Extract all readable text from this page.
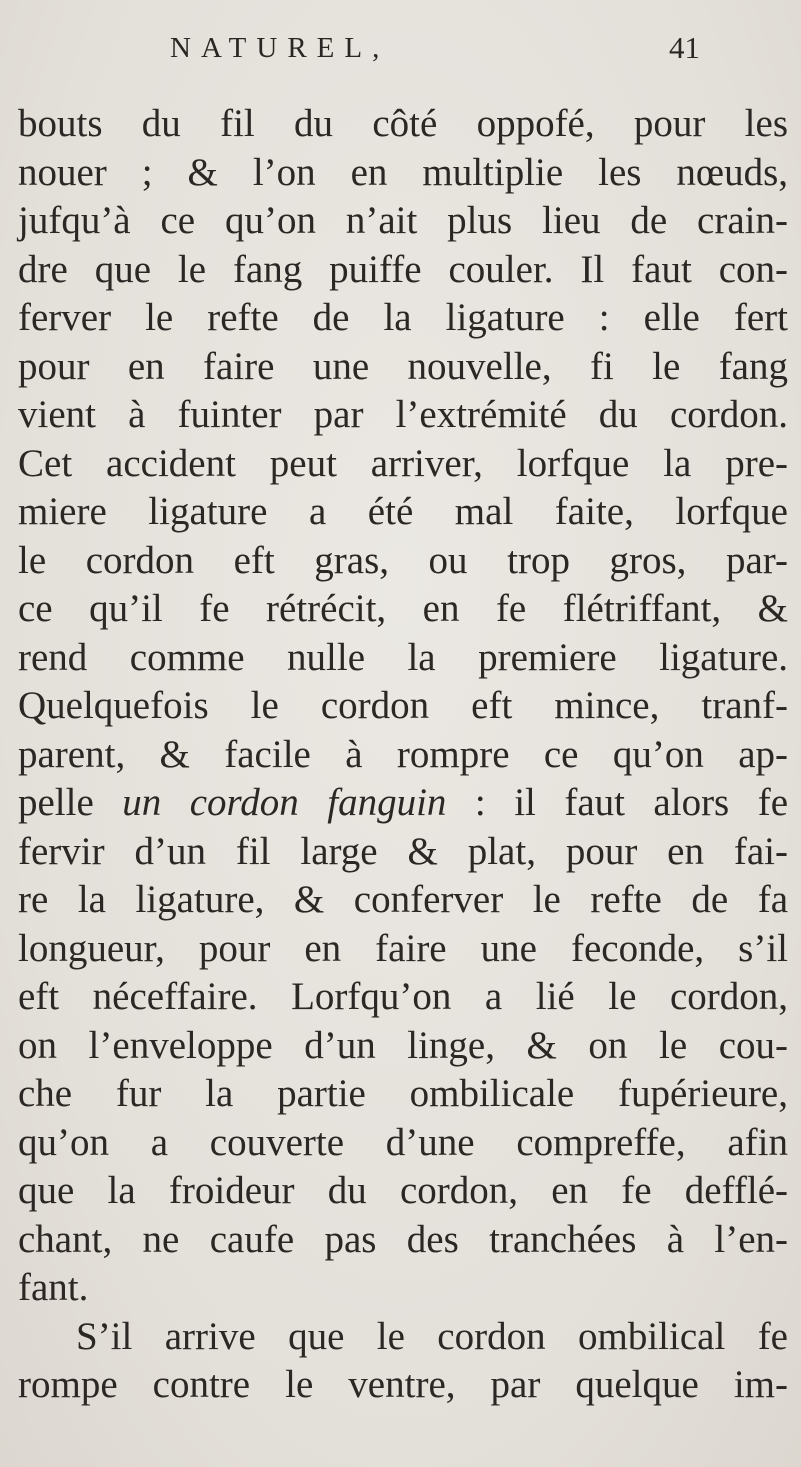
NATUREL,	41
bouts du fil du côté oppofé, pour les
nouer ; & l’on en multiplie les nœuds,
jufqu’à ce qu’on n’ait plus lieu de crain-
dre que le fang puiffe couler. Il faut con-
ferver le refte de la ligature : elle fert
pour en faire une nouvelle, fi le fang
vient à fuinter par l’extrémité du cordon.
Cet accident peut arriver, lorfque la pre-
miere ligature a été mal faite, lorfque
le cordon eft gras, ou trop gros, par-
ce qu’il fe rétrécit, en fe flétriffant, &
rend comme nulle la premiere ligature.
Quelquefois le cordon eft mince, tranf-
parent, & facile à rompre ce qu’on ap-
pelle un cordon fanguin : il faut alors fe
fervir d’un fil large & plat, pour en fai-
re la ligature, & conferver le refte de fa
longueur, pour en faire une feconde, s’il
eft néceffaire. Lorfqu’on a lié le cordon,
on l’enveloppe d’un linge, & on le cou-
che fur la partie ombilicale fupérieure,
qu’on a couverte d’une compreffe, afin
que la froideur du cordon, en fe defflé-
chant, ne caufe pas des tranchées à l’en-
fant.
S’il arrive que le cordon ombilical fe
rompe contre le ventre, par quelque im-
